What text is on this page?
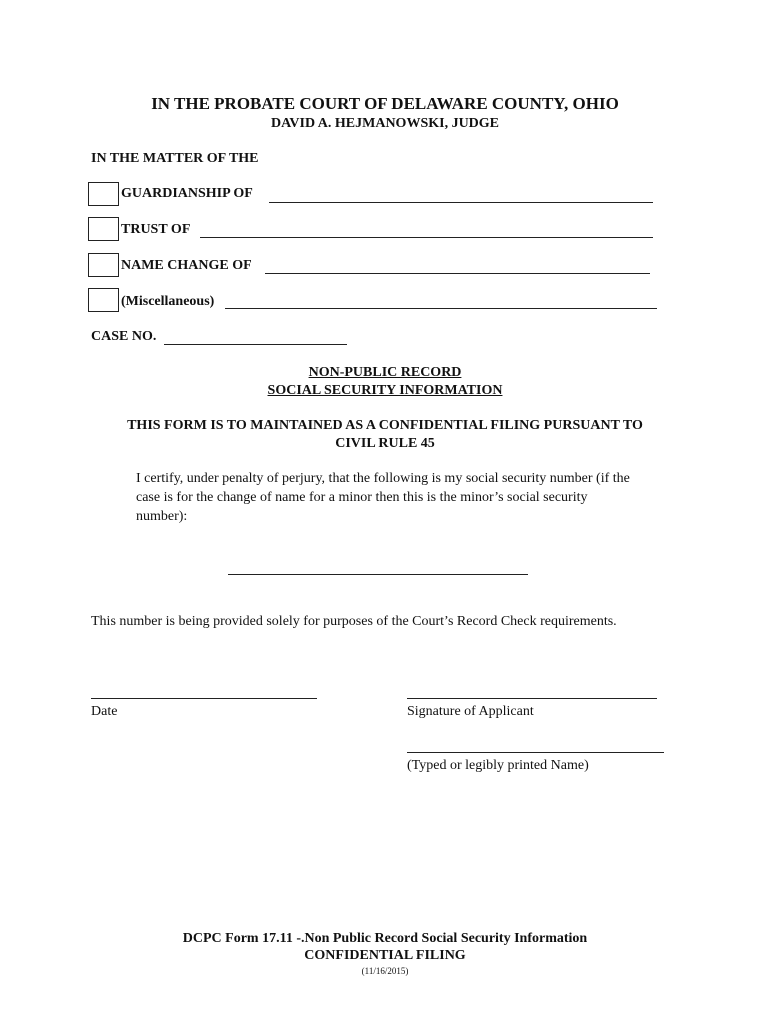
IN THE PROBATE COURT OF DELAWARE COUNTY, OHIO
DAVID A. HEJMANOWSKI, JUDGE
IN THE MATTER OF THE
GUARDIANSHIP OF
TRUST OF
NAME CHANGE OF
(Miscellaneous)
CASE NO.
NON-PUBLIC RECORD
SOCIAL SECURITY INFORMATION
THIS FORM IS TO MAINTAINED AS A CONFIDENTIAL FILING PURSUANT TO
CIVIL RULE 45
I certify, under penalty of perjury, that the following is my social security number (if the
case is for the change of name for a minor then this is the minor’s social security
number):
This number is being provided solely for purposes of the Court’s Record Check requirements.
Date	Signature of Applicant
(Typed or legibly printed Name)
DCPC Form 17.11 -.Non Public Record Social Security Information
CONFIDENTIAL FILING
(11/16/2015)
